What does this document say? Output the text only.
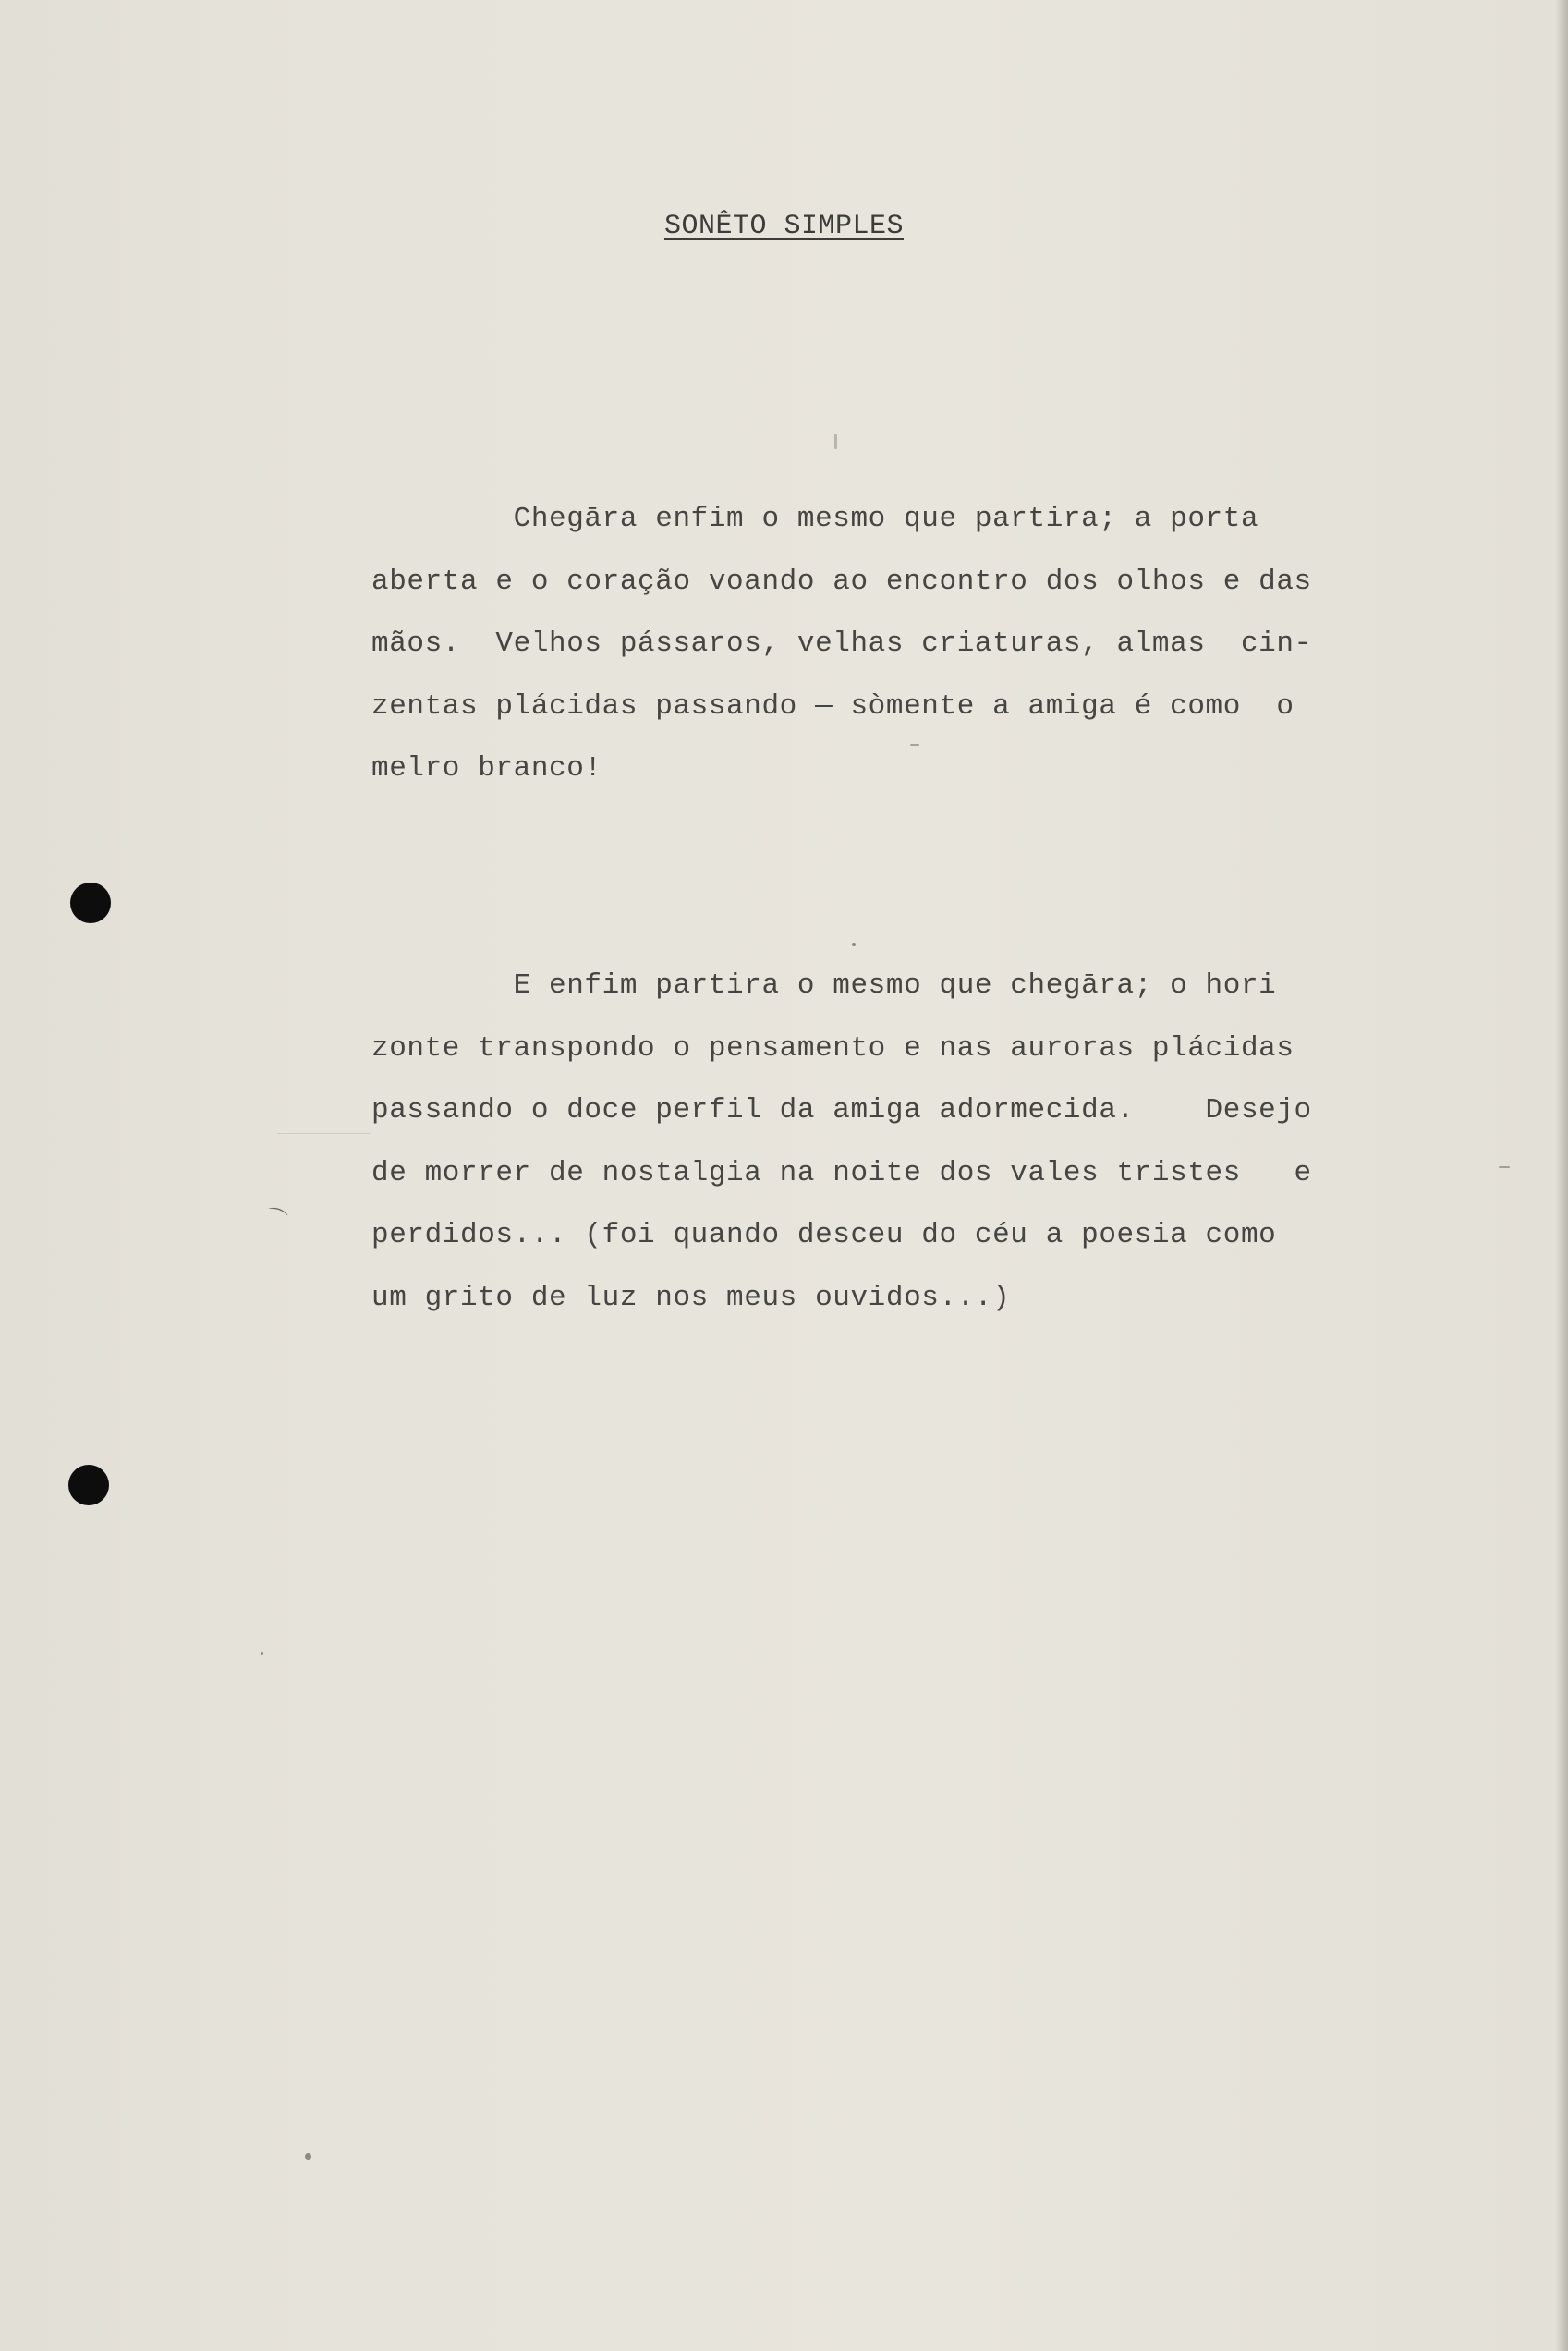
SONÊTO SIMPLES
Chegāra enfim o mesmo que partira; a porta
aberta e o coração voando ao encontro dos olhos e das
mãos.  Velhos pássaros, velhas criaturas, almas  cin-
zentas plácidas passando — sòmente a amiga é como  o
melro branco!
E enfim partira o mesmo que chegāra; o hori
zonte transpondo o pensamento e nas auroras plácidas
passando o doce perfil da amiga adormecida.    Desejo
de morrer de nostalgia na noite dos vales tristes   e
perdidos... (foi quando desceu do céu a poesia como
um grito de luz nos meus ouvidos...)
⌒
